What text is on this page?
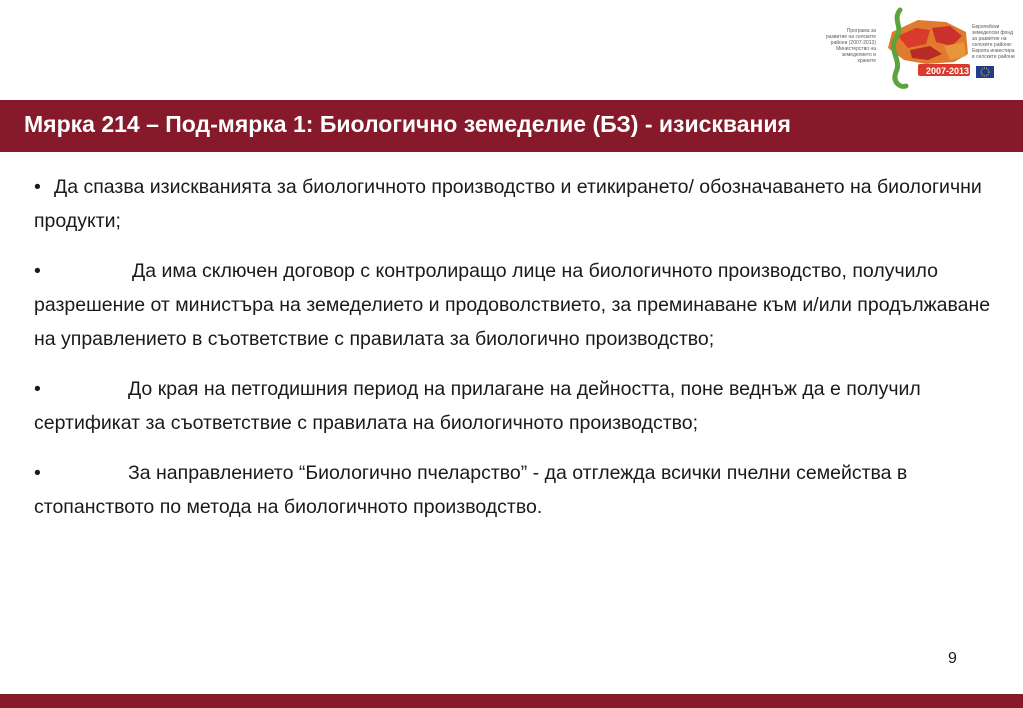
Програма за развитие на селските райони (2007-2013) Министерство на земеделието и храните
2007-2013
Европейски земеделски фонд за развитие на селските райони: Европа инвестира в селските райони
Мярка 214 – Под-мярка 1: Биологично земеделие (БЗ) - изисквания

• Да спазва изискванията за биологичното производство и етикирането/ обозначаването на биологични продукти;

•	Да има сключен договор с контролиращо лице на биологичното производство, получило разрешение от министъра на земеделието и продоволствието, за преминаване към и/или продължаване на управлението в съответствие с правилата за биологично производство;

•	До края на петгодишния период на прилагане на дейността, поне веднъж да е получил сертификат за съответствие с правилата на биологичното производство;

•	За направлението “Биологично пчеларство” - да отглежда всички пчелни семейства в стопанството по метода на биологичното производство.

9
